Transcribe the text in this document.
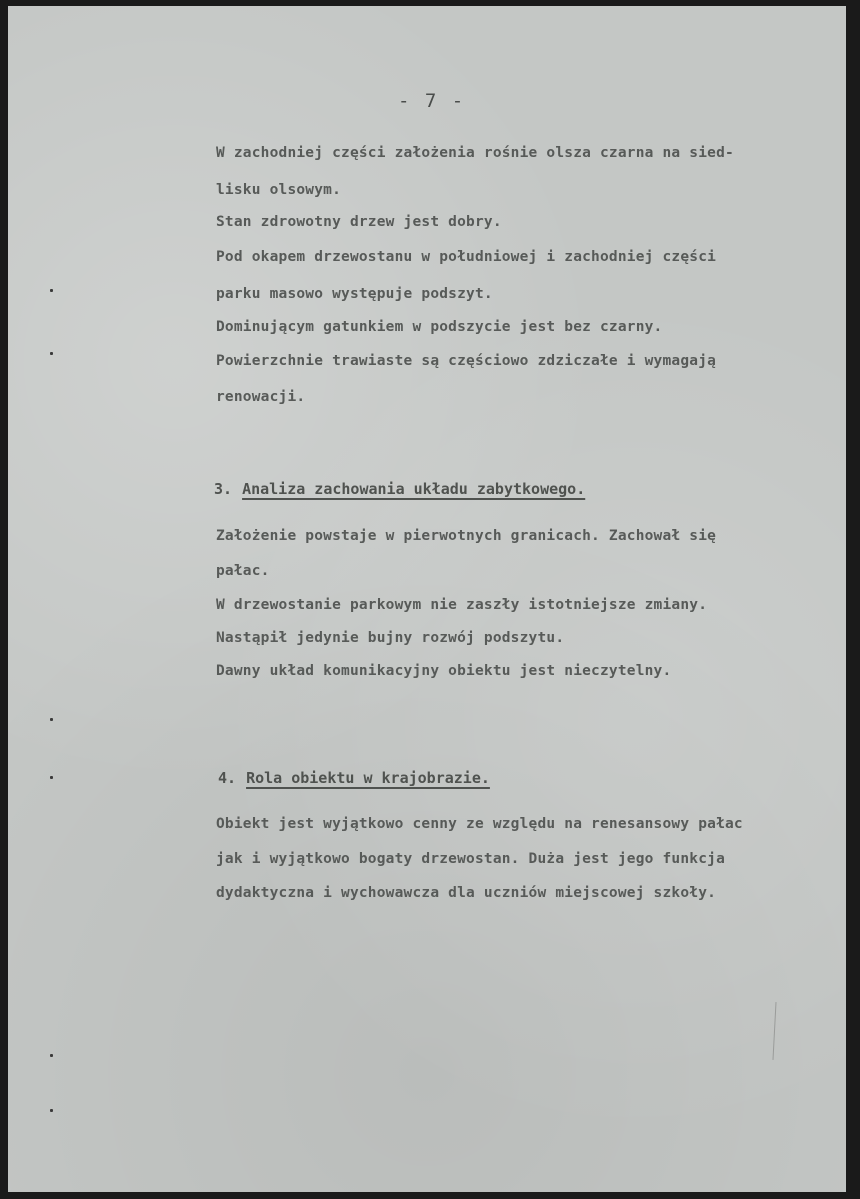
- 7 -
W zachodniej części założenia rośnie olsza czarna na sied-
lisku olsowym.
Stan zdrowotny drzew jest dobry.
Pod okapem drzewostanu w południowej i zachodniej części
parku masowo występuje podszyt.
Dominującym gatunkiem w podszycie jest bez czarny.
Powierzchnie trawiaste są częściowo zdziczałe i wymagają
renowacji.
3. Analiza zachowania układu zabytkowego.
Założenie powstaje w pierwotnych granicach. Zachował się
pałac.
W drzewostanie parkowym nie zaszły istotniejsze zmiany.
Nastąpił jedynie bujny rozwój podszytu.
Dawny układ komunikacyjny obiektu jest nieczytelny.
4. Rola obiektu w krajobrazie.
Obiekt jest wyjątkowo cenny ze względu na renesansowy pałac
jak i wyjątkowo bogaty drzewostan. Duża jest jego funkcja
dydaktyczna i wychowawcza dla uczniów miejscowej szkoły.
